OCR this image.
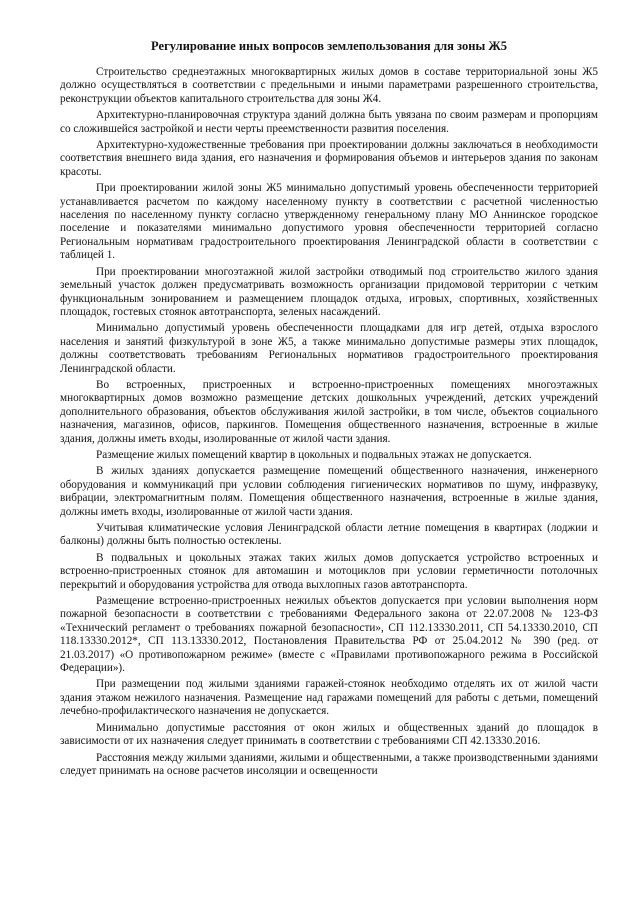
Регулирование иных вопросов землепользования для зоны Ж5

Строительство среднеэтажных многоквартирных жилых домов в составе территориальной зоны Ж5 должно осуществляться в соответствии с предельными и иными параметрами разрешенного строительства, реконструкции объектов капитального строительства для зоны Ж4.

Архитектурно-планировочная структура зданий должна быть увязана по своим размерам и пропорциям со сложившейся застройкой и нести черты преемственности развития поселения.

Архитектурно-художественные требования при проектировании должны заключаться в необходимости соответствия внешнего вида здания, его назначения и формирования объемов и интерьеров здания по законам красоты.

При проектировании жилой зоны Ж5 минимально допустимый уровень обеспеченности территорией устанавливается расчетом по каждому населенному пункту в соответствии с расчетной численностью населения по населенному пункту согласно утвержденному генеральному плану МО Аннинское городское поселение и показателями минимально допустимого уровня обеспеченности территорией согласно Региональным нормативам градостроительного проектирования Ленинградской области в соответствии с таблицей 1.

При проектировании многоэтажной жилой застройки отводимый под строительство жилого здания земельный участок должен предусматривать возможность организации придомовой территории с четким функциональным зонированием и размещением площадок отдыха, игровых, спортивных, хозяйственных площадок, гостевых стоянок автотранспорта, зеленых насаждений.

Минимально допустимый уровень обеспеченности площадками для игр детей, отдыха взрослого населения и занятий физкультурой в зоне Ж5, а также минимально допустимые размеры этих площадок, должны соответствовать требованиям Региональных нормативов градостроительного проектирования Ленинградской области.

Во встроенных, пристроенных и встроенно-пристроенных помещениях многоэтажных многоквартирных домов возможно размещение детских дошкольных учреждений, детских учреждений дополнительного образования, объектов обслуживания жилой застройки, в том числе, объектов социального назначения, магазинов, офисов, паркингов. Помещения общественного назначения, встроенные в жилые здания, должны иметь входы, изолированные от жилой части здания.

Размещение жилых помещений квартир в цокольных и подвальных этажах не допускается.

В жилых зданиях допускается размещение помещений общественного назначения, инженерного оборудования и коммуникаций при условии соблюдения гигиенических нормативов по шуму, инфразвуку, вибрации, электромагнитным полям. Помещения общественного назначения, встроенные в жилые здания, должны иметь входы, изолированные от жилой части здания.

Учитывая климатические условия Ленинградской области летние помещения в квартирах (лоджии и балконы) должны быть полностью остеклены.

В подвальных и цокольных этажах таких жилых домов допускается устройство встроенных и встроенно-пристроенных стоянок для автомашин и мотоциклов при условии герметичности потолочных перекрытий и оборудования устройства для отвода выхлопных газов автотранспорта.

Размещение встроенно-пристроенных нежилых объектов допускается при условии выполнения норм пожарной безопасности в соответствии с требованиями Федерального закона от 22.07.2008 № 123-ФЗ «Технический регламент о требованиях пожарной безопасности», СП 112.13330.2011, СП 54.13330.2010, СП 118.13330.2012*, СП 113.13330.2012, Постановления Правительства РФ от 25.04.2012 № 390 (ред. от 21.03.2017) «О противопожарном режиме» (вместе с «Правилами противопожарного режима в Российской Федерации»).

При размещении под жилыми зданиями гаражей-стоянок необходимо отделять их от жилой части здания этажом нежилого назначения. Размещение над гаражами помещений для работы с детьми, помещений лечебно-профилактического назначения не допускается.

Минимально допустимые расстояния от окон жилых и общественных зданий до площадок в зависимости от их назначения следует принимать в соответствии с требованиями СП 42.13330.2016.

Расстояния между жилыми зданиями, жилыми и общественными, а также производственными зданиями следует принимать на основе расчетов инсоляции и освещенности
